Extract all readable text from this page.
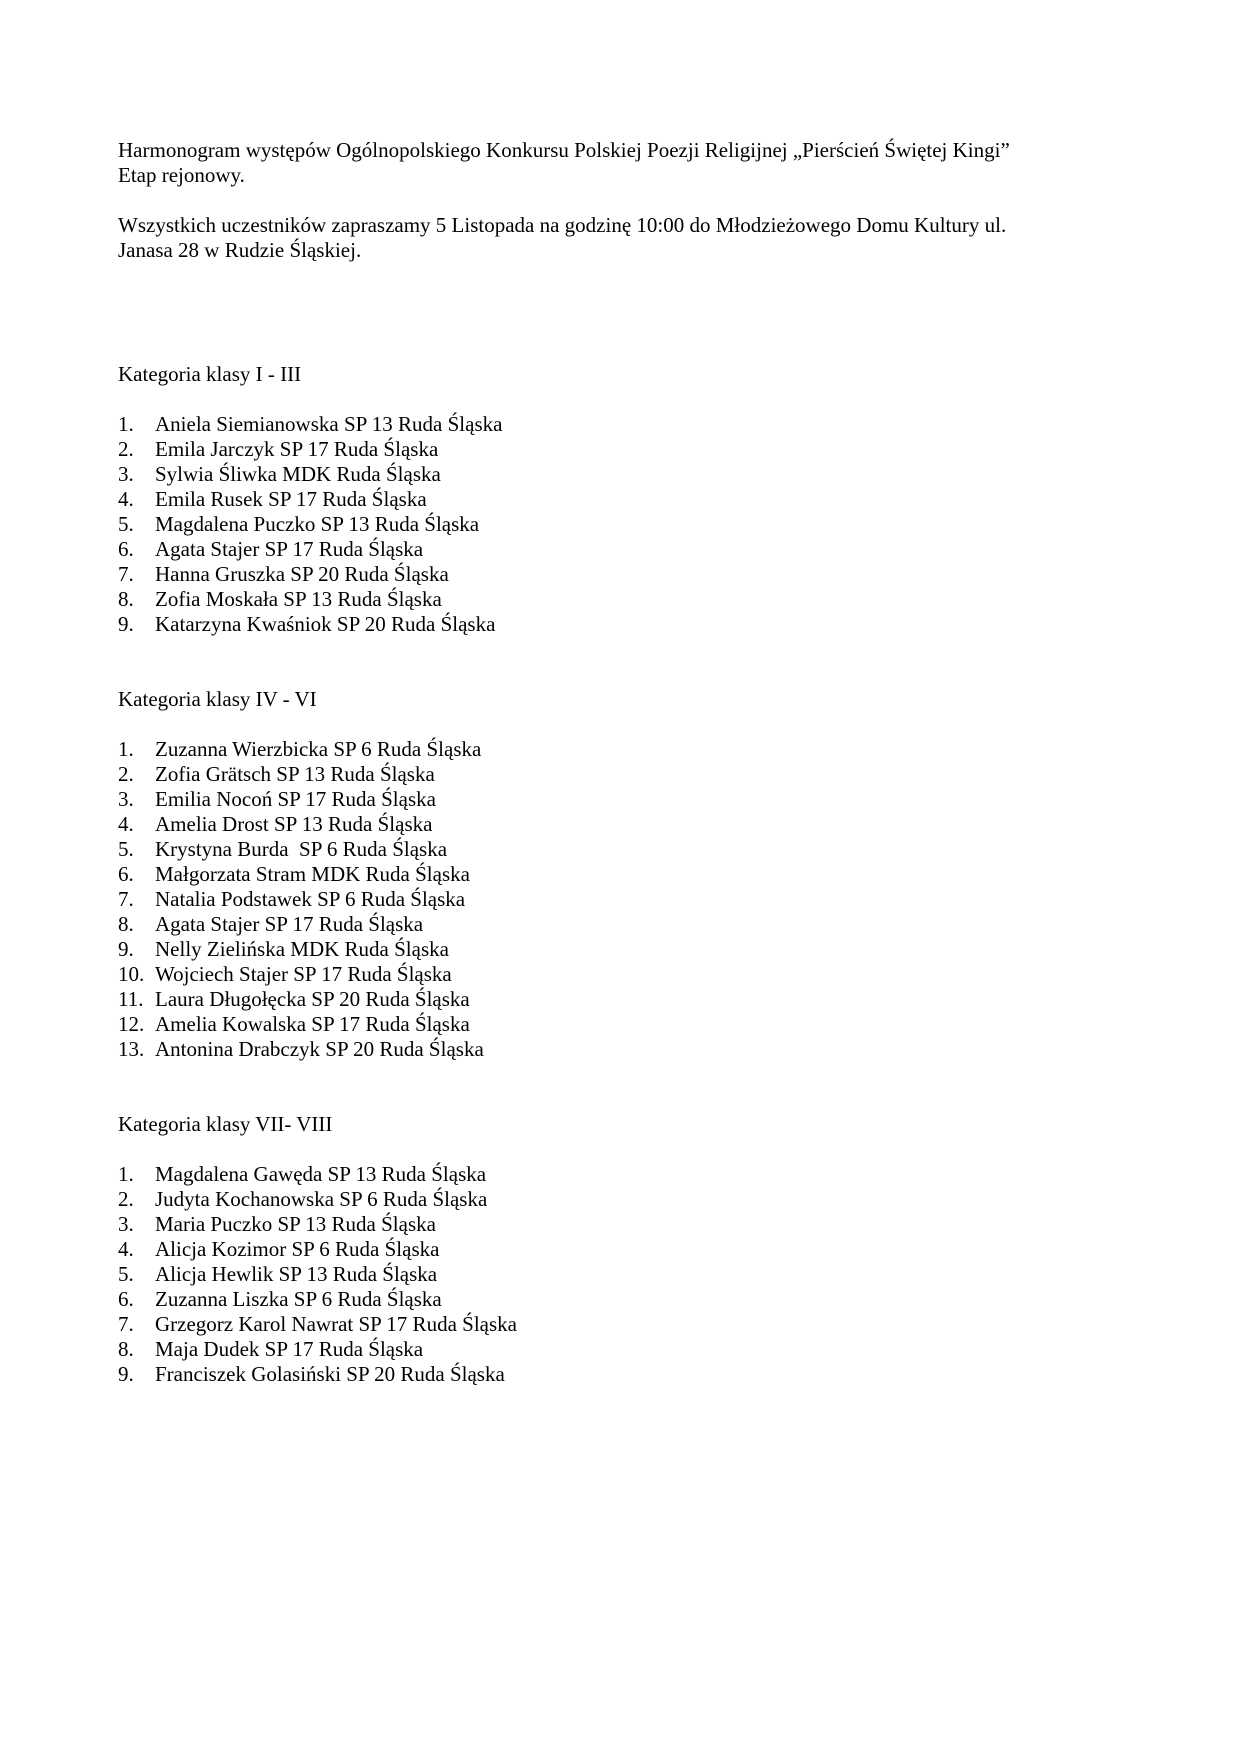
Harmonogram występów Ogólnopolskiego Konkursu Polskiej Poezji Religijnej „Pierścień Świętej Kingi”
Etap rejonowy.

Wszystkich uczestników zapraszamy 5 Listopada na godzinę 10:00 do Młodzieżowego Domu Kultury ul.
Janasa 28 w Rudzie Śląskiej.

Kategoria klasy I - III

1.	Aniela Siemianowska SP 13 Ruda Śląska
2.	Emila Jarczyk SP 17 Ruda Śląska
3.	Sylwia Śliwka MDK Ruda Śląska
4.	Emila Rusek SP 17 Ruda Śląska
5.	Magdalena Puczko SP 13 Ruda Śląska
6.	Agata Stajer SP 17 Ruda Śląska
7.	Hanna Gruszka SP 20 Ruda Śląska
8.	Zofia Moskała SP 13 Ruda Śląska
9.	Katarzyna Kwaśniok SP 20 Ruda Śląska

Kategoria klasy IV - VI

1.	Zuzanna Wierzbicka SP 6 Ruda Śląska
2.	Zofia Grätsch SP 13 Ruda Śląska
3.	Emilia Nocoń SP 17 Ruda Śląska
4.	Amelia Drost SP 13 Ruda Śląska
5.	Krystyna Burda  SP 6 Ruda Śląska
6.	Małgorzata Stram MDK Ruda Śląska
7.	Natalia Podstawek SP 6 Ruda Śląska
8.	Agata Stajer SP 17 Ruda Śląska
9.	Nelly Zielińska MDK Ruda Śląska
10. Wojciech Stajer SP 17 Ruda Śląska
11. Laura Długołęcka SP 20 Ruda Śląska
12. Amelia Kowalska SP 17 Ruda Śląska
13. Antonina Drabczyk SP 20 Ruda Śląska

Kategoria klasy VII- VIII

1.	Magdalena Gawęda SP 13 Ruda Śląska
2.	Judyta Kochanowska SP 6 Ruda Śląska
3.	Maria Puczko SP 13 Ruda Śląska
4.	Alicja Kozimor SP 6 Ruda Śląska
5.	Alicja Hewlik SP 13 Ruda Śląska
6.	Zuzanna Liszka SP 6 Ruda Śląska
7.	Grzegorz Karol Nawrat SP 17 Ruda Śląska
8.	Maja Dudek SP 17 Ruda Śląska
9.	Franciszek Golasiński SP 20 Ruda Śląska
